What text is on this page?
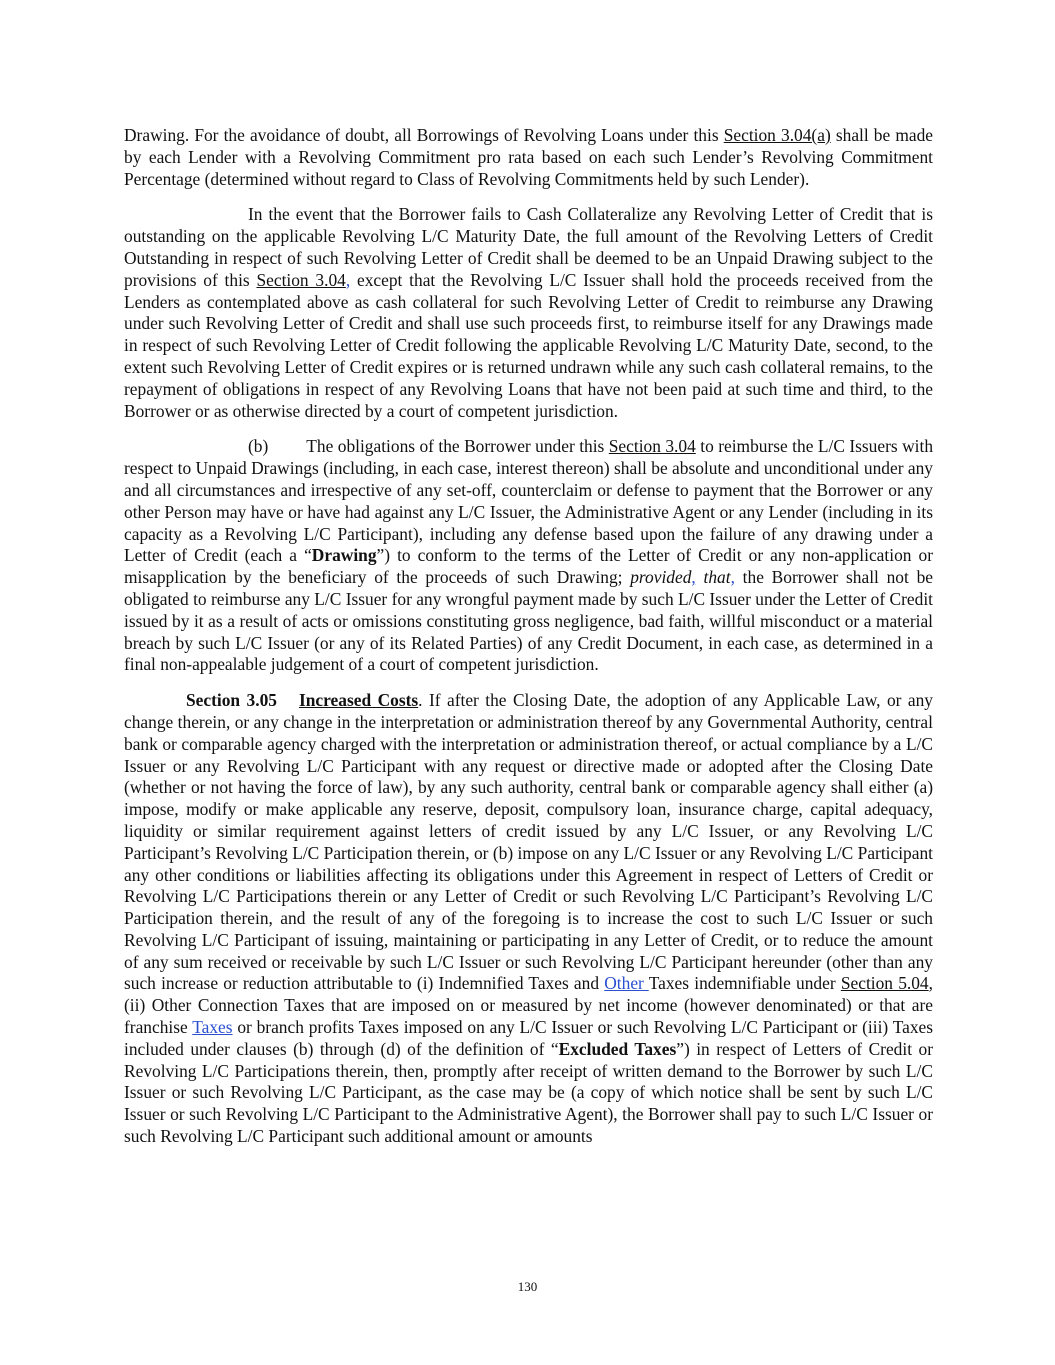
Drawing. For the avoidance of doubt, all Borrowings of Revolving Loans under this Section 3.04(a) shall be made by each Lender with a Revolving Commitment pro rata based on each such Lender’s Revolving Commitment Percentage (determined without regard to Class of Revolving Commitments held by such Lender).

In the event that the Borrower fails to Cash Collateralize any Revolving Letter of Credit that is outstanding on the applicable Revolving L/C Maturity Date, the full amount of the Revolving Letters of Credit Outstanding in respect of such Revolving Letter of Credit shall be deemed to be an Unpaid Drawing subject to the provisions of this Section 3.04, except that the Revolving L/C Issuer shall hold the proceeds received from the Lenders as contemplated above as cash collateral for such Revolving Letter of Credit to reimburse any Drawing under such Revolving Letter of Credit and shall use such proceeds first, to reimburse itself for any Drawings made in respect of such Revolving Letter of Credit following the applicable Revolving L/C Maturity Date, second, to the extent such Revolving Letter of Credit expires or is returned undrawn while any such cash collateral remains, to the repayment of obligations in respect of any Revolving Loans that have not been paid at such time and third, to the Borrower or as otherwise directed by a court of competent jurisdiction.

(b) The obligations of the Borrower under this Section 3.04 to reimburse the L/C Issuers with respect to Unpaid Drawings (including, in each case, interest thereon) shall be absolute and unconditional under any and all circumstances and irrespective of any set-off, counterclaim or defense to payment that the Borrower or any other Person may have or have had against any L/C Issuer, the Administrative Agent or any Lender (including in its capacity as a Revolving L/C Participant), including any defense based upon the failure of any drawing under a Letter of Credit (each a “Drawing”) to conform to the terms of the Letter of Credit or any non-application or misapplication by the beneficiary of the proceeds of such Drawing; provided, that, the Borrower shall not be obligated to reimburse any L/C Issuer for any wrongful payment made by such L/C Issuer under the Letter of Credit issued by it as a result of acts or omissions constituting gross negligence, bad faith, willful misconduct or a material breach by such L/C Issuer (or any of its Related Parties) of any Credit Document, in each case, as determined in a final non-appealable judgement of a court of competent jurisdiction.

Section 3.05 Increased Costs. If after the Closing Date, the adoption of any Applicable Law, or any change therein, or any change in the interpretation or administration thereof by any Governmental Authority, central bank or comparable agency charged with the interpretation or administration thereof, or actual compliance by a L/C Issuer or any Revolving L/C Participant with any request or directive made or adopted after the Closing Date (whether or not having the force of law), by any such authority, central bank or comparable agency shall either (a) impose, modify or make applicable any reserve, deposit, compulsory loan, insurance charge, capital adequacy, liquidity or similar requirement against letters of credit issued by any L/C Issuer, or any Revolving L/C Participant’s Revolving L/C Participation therein, or (b) impose on any L/C Issuer or any Revolving L/C Participant any other conditions or liabilities affecting its obligations under this Agreement in respect of Letters of Credit or Revolving L/C Participations therein or any Letter of Credit or such Revolving L/C Participant’s Revolving L/C Participation therein, and the result of any of the foregoing is to increase the cost to such L/C Issuer or such Revolving L/C Participant of issuing, maintaining or participating in any Letter of Credit, or to reduce the amount of any sum received or receivable by such L/C Issuer or such Revolving L/C Participant hereunder (other than any such increase or reduction attributable to (i) Indemnified Taxes and Other Taxes indemnifiable under Section 5.04, (ii) Other Connection Taxes that are imposed on or measured by net income (however denominated) or that are franchise Taxes or branch profits Taxes imposed on any L/C Issuer or such Revolving L/C Participant or (iii) Taxes included under clauses (b) through (d) of the definition of “Excluded Taxes”) in respect of Letters of Credit or Revolving L/C Participations therein, then, promptly after receipt of written demand to the Borrower by such L/C Issuer or such Revolving L/C Participant, as the case may be (a copy of which notice shall be sent by such L/C Issuer or such Revolving L/C Participant to the Administrative Agent), the Borrower shall pay to such L/C Issuer or such Revolving L/C Participant such additional amount or amounts

130
